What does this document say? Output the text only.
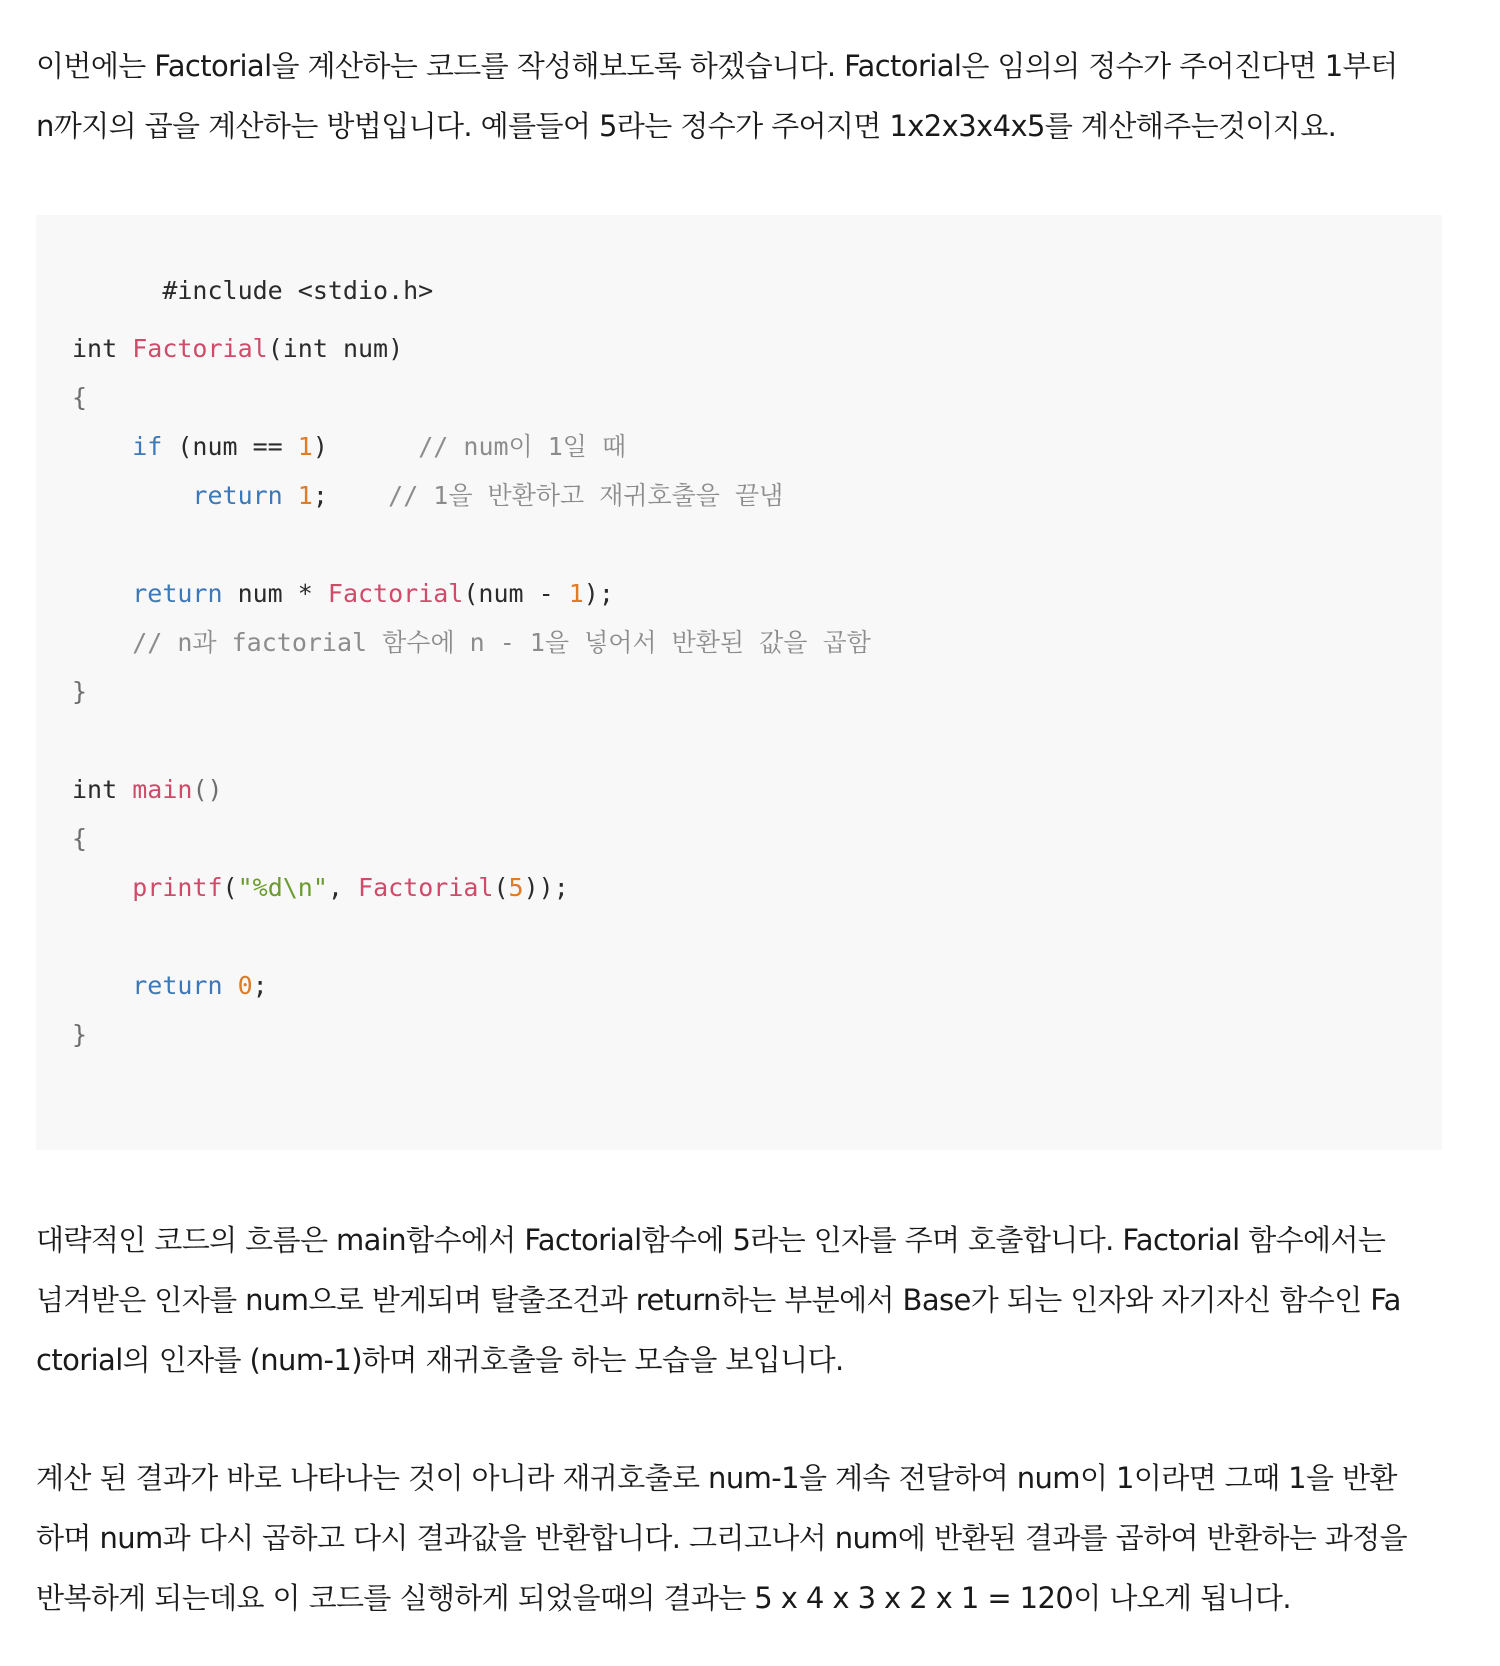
이번에는 Factorial을 계산하는 코드를 작성해보도록 하겠습니다. Factorial은 임의의 정수가 주어진다면 1부터
n까지의 곱을 계산하는 방법입니다. 예를들어 5라는 정수가 주어지면 1x2x3x4x5를 계산해주는것이지요.

#include <stdio.h>

int Factorial(int num)
{
if (num == 1)	// num이 1일 때
return 1; // 1을 반환하고 재귀호출을 끝냄
return num * Factorial(num - 1);
// n과 factorial 함수에 n - 1을 넣어서 반환된 값을 곱함
}
int main()
{
printf("%d\n", Factorial(5));
return 0;
}

대략적인 코드의 흐름은 main함수에서 Factorial함수에 5라는 인자를 주며 호출합니다. Factorial 함수에서는
넘겨받은 인자를 num으로 받게되며 탈출조건과 return하는 부분에서 Base가 되는 인자와 자기자신 함수인 Fa
ctorial의 인자를 (num-1)하며 재귀호출을 하는 모습을 보입니다.

계산 된 결과가 바로 나타나는 것이 아니라 재귀호출로 num-1을 계속 전달하여 num이 1이라면 그때 1을 반환
하며 num과 다시 곱하고 다시 결과값을 반환합니다. 그리고나서 num에 반환된 결과를 곱하여 반환하는 과정을
반복하게 되는데요 이 코드를 실행하게 되었을때의 결과는 5 x 4 x 3 x 2 x 1 = 120이 나오게 됩니다.
